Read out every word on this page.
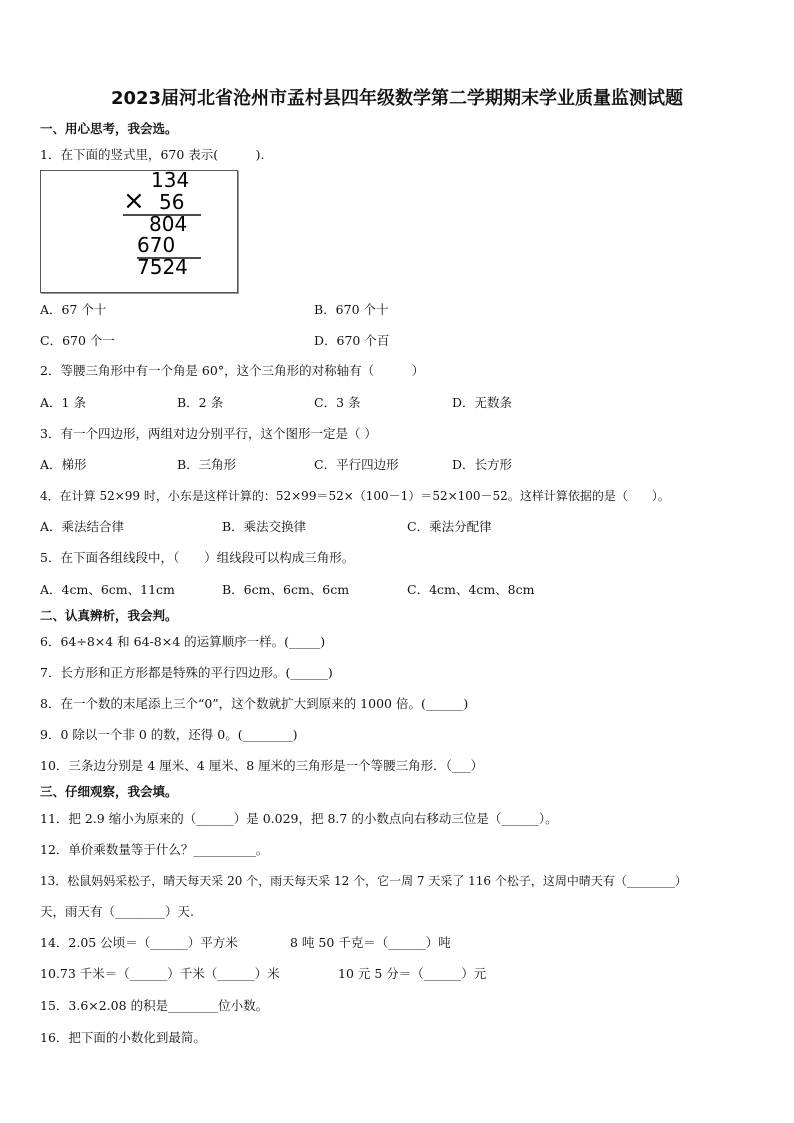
2023届河北省沧州市孟村县四年级数学第二学期期末学业质量监测试题
一、用心思考，我会选。
1．在下面的竖式里，670 表示(　　　).
134
× 56
804
670
7524
A．67 个十	B．670 个十
C．670 个一	D．670 个百
2．等腰三角形中有一个角是 60°，这个三角形的对称轴有（　　　）
A．1 条	B．2 条	C．3 条	D．无数条
3．有一个四边形，两组对边分别平行，这个图形一定是（ ）
A．梯形	B．三角形	C．平行四边形	D．长方形
4．在计算 52×99 时，小东是这样计算的：52×99＝52×（100－1）＝52×100－52。这样计算依据的是（　　）。
A．乘法结合律	B．乘法交换律	C．乘法分配律
5．在下面各组线段中，（　　）组线段可以构成三角形。
A．4cm、6cm、11cm	B．6cm、6cm、6cm	C．4cm、4cm、8cm
二、认真辨析，我会判。
6．64÷8×4 和 64-8×4 的运算顺序一样。(_____)
7．长方形和正方形都是特殊的平行四边形。(______)
8．在一个数的末尾添上三个“0”，这个数就扩大到原来的 1000 倍。(______)
9．0 除以一个非 0 的数，还得 0。(________)
10．三条边分别是 4 厘米、4 厘米、8 厘米的三角形是一个等腰三角形．（___）
三、仔细观察，我会填。
11．把 2.9 缩小为原来的（______）是 0.029，把 8.7 的小数点向右移动三位是（______）。
12．单价乘数量等于什么？__________。
13．松鼠妈妈采松子，晴天每天采 20 个，雨天每天采 12 个，它一周 7 天采了 116 个松子，这周中晴天有（________）
天，雨天有（________）天.
14．2.05 公顷＝（______）平方米	8 吨 50 千克＝（______）吨
10.73 千米＝（______）千米（______）米	10 元 5 分＝（______）元
15．3.6×2.08 的积是________位小数。
16．把下面的小数化到最简。
